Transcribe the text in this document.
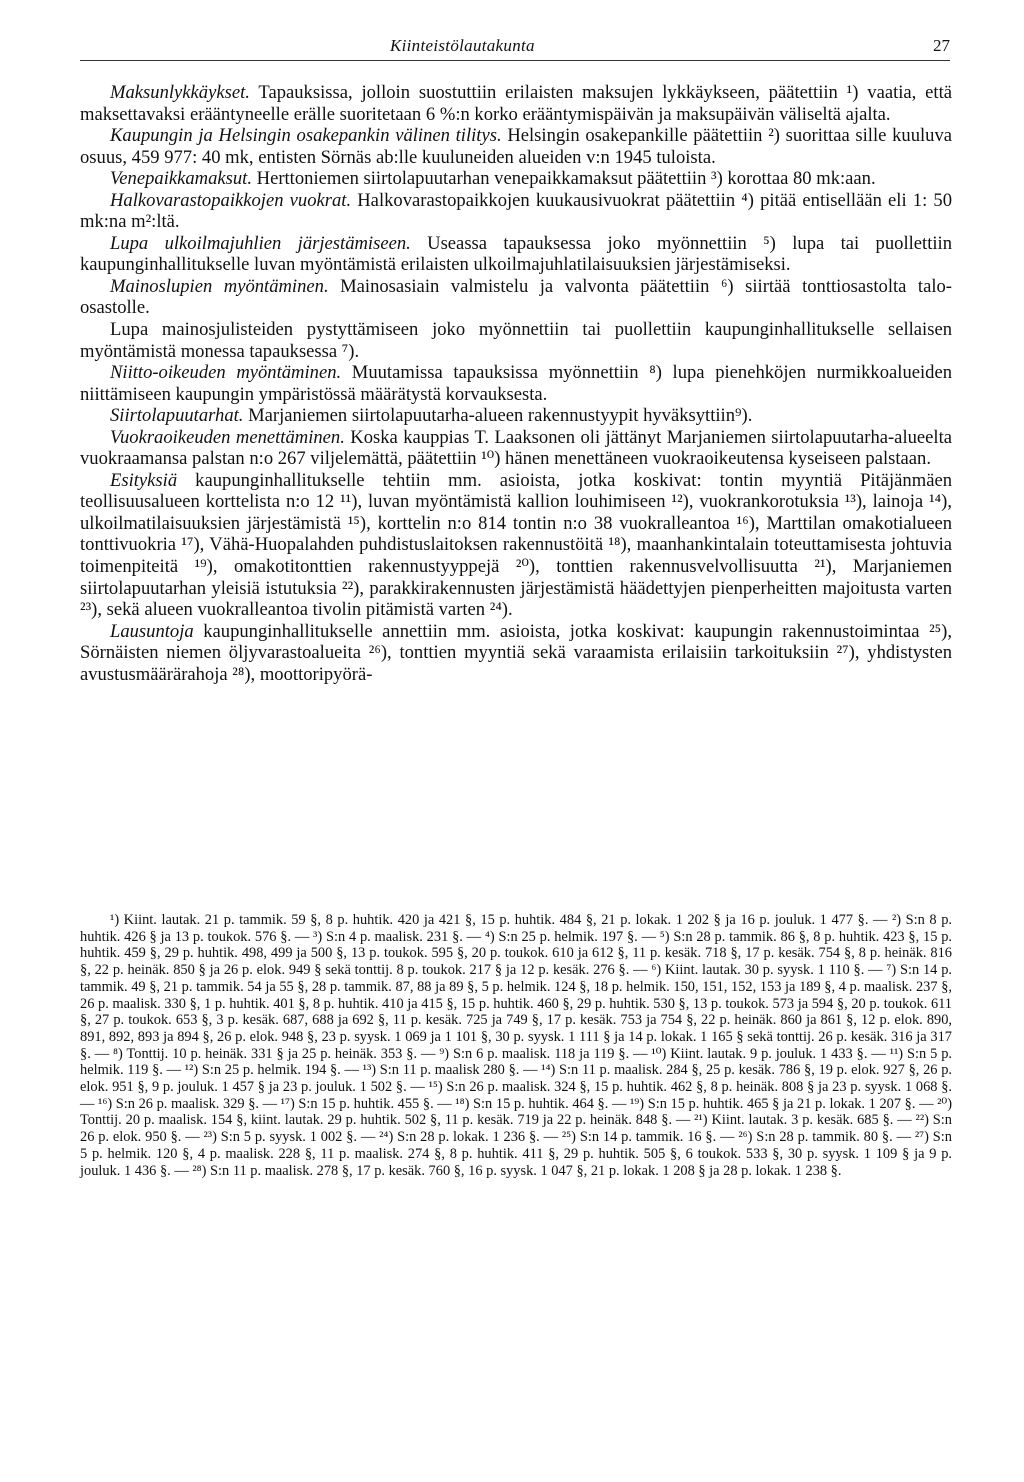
Kiinteistölautakunta	27

Maksunlykkäykset. Tapauksissa, jolloin suostuttiin erilaisten maksujen lykkäykseen, päätettiin ¹) vaatia, että maksettavaksi erääntyneelle erälle suoritetaan 6 %:n korko erääntymispäivän ja maksupäivän väliseltä ajalta.

Kaupungin ja Helsingin osakepankin välinen tilitys. Helsingin osakepankille päätettiin ²) suorittaa sille kuuluva osuus, 459 977: 40 mk, entisten Sörnäs ab:lle kuuluneiden alueiden v:n 1945 tuloista.

Venepaikkamaksut. Herttoniemen siirtolapuutarhan venepaikkamaksut päätettiin ³) korottaa 80 mk:aan.

Halkovarastopaikkojen vuokrat. Halkovarastopaikkojen kuukausivuokrat päätettiin ⁴) pitää entisellään eli 1: 50 mk:na m²:ltä.

Lupa ulkoilmajuhlien järjestämiseen. Useassa tapauksessa joko myönnettiin ⁵) lupa tai puollettiin kaupunginhallitukselle luvan myöntämistä erilaisten ulkoilmajuhlatilaisuuksien järjestämiseksi.

Mainoslupien myöntäminen. Mainosasiain valmistelu ja valvonta päätettiin ⁶) siirtää tonttiosastolta talo-osastolle.

Lupa mainosjulisteiden pystyttämiseen joko myönnettiin tai puollettiin kaupunginhallitukselle sellaisen myöntämistä monessa tapauksessa ⁷).

Niitto-oikeuden myöntäminen. Muutamissa tapauksissa myönnettiin ⁸) lupa pienehköjen nurmikkoalueiden niittämiseen kaupungin ympäristössä määrätystä korvauksesta.

Siirtolapuutarhat. Marjaniemen siirtolapuutarha-alueen rakennustyypit hyväksyttiin⁹).

Vuokraoikeuden menettäminen. Koska kauppias T. Laaksonen oli jättänyt Marjaniemen siirtolapuutarha-alueelta vuokraamansa palstan n:o 267 viljelemättä, päätettiin ¹⁰) hänen menettäneen vuokraoikeutensa kyseiseen palstaan.

Esityksiä kaupunginhallitukselle tehtiin mm. asioista, jotka koskivat: tontin myyntiä Pitäjänmäen teollisuusalueen korttelista n:o 12 ¹¹), luvan myöntämistä kallion louhimiseen ¹²), vuokrankorotuksia ¹³), lainoja ¹⁴), ulkoilmatilaisuuksien järjestämistä ¹⁵), korttelin n:o 814 tontin n:o 38 vuokralleantoa ¹⁶), Marttilan omakotialueen tonttivuokria ¹⁷), Vähä-Huopalahden puhdistuslaitoksen rakennustöitä ¹⁸), maanhankintalain toteuttamisesta johtuvia toimenpiteitä ¹⁹), omakotitonttien rakennustyyppejä ²⁰), tonttien rakennusvelvollisuutta ²¹), Marjaniemen siirtolapuutarhan yleisiä istutuksia ²²), parakkirakennusten järjestämistä häädettyjen pienperheitten majoitusta varten ²³), sekä alueen vuokralleantoa tivolin pitämistä varten ²⁴).

Lausuntoja kaupunginhallitukselle annettiin mm. asioista, jotka koskivat: kaupungin rakennustoimintaa ²⁵), Sörnäisten niemen öljyvarastoalueita ²⁶), tonttien myyntiä sekä varaamista erilaisiin tarkoituksiin ²⁷), yhdistysten avustusmäärärahoja ²⁸), moottoripyörä-

¹) Kiint. lautak. 21 p. tammik. 59 §, 8 p. huhtik. 420 ja 421 §, 15 p. huhtik. 484 §, 21 p. lokak. 1 202 § ja 16 p. jouluk. 1 477 §. — ²) S:n 8 p. huhtik. 426 § ja 13 p. toukok. 576 §. — ³) S:n 4 p. maalisk. 231 §. — ⁴) S:n 25 p. helmik. 197 §. — ⁵) S:n 28 p. tammik. 86 §, 8 p. huhtik. 423 §, 15 p. huhtik. 459 §, 29 p. huhtik. 498, 499 ja 500 §, 13 p. toukok. 595 §, 20 p. toukok. 610 ja 612 §, 11 p. kesäk. 718 §, 17 p. kesäk. 754 §, 8 p. heinäk. 816 §, 22 p. heinäk. 850 § ja 26 p. elok. 949 § sekä tonttij. 8 p. toukok. 217 § ja 12 p. kesäk. 276 §. — ⁶) Kiint. lautak. 30 p. syysk. 1 110 §. — ⁷) S:n 14 p. tammik. 49 §, 21 p. tammik. 54 ja 55 §, 28 p. tammik. 87, 88 ja 89 §, 5 p. helmik. 124 §, 18 p. helmik. 150, 151, 152, 153 ja 189 §, 4 p. maalisk. 237 §, 26 p. maalisk. 330 §, 1 p. huhtik. 401 §, 8 p. huhtik. 410 ja 415 §, 15 p. huhtik. 460 §, 29 p. huhtik. 530 §, 13 p. toukok. 573 ja 594 §, 20 p. toukok. 611 §, 27 p. toukok. 653 §, 3 p. kesäk. 687, 688 ja 692 §, 11 p. kesäk. 725 ja 749 §, 17 p. kesäk. 753 ja 754 §, 22 p. heinäk. 860 ja 861 §, 12 p. elok. 890, 891, 892, 893 ja 894 §, 26 p. elok. 948 §, 23 p. syysk. 1 069 ja 1 101 §, 30 p. syysk. 1 111 § ja 14 p. lokak. 1 165 § sekä tonttij. 26 p. kesäk. 316 ja 317 §. — ⁸) Tonttij. 10 p. heinäk. 331 § ja 25 p. heinäk. 353 §. — ⁹) S:n 6 p. maalisk. 118 ja 119 §. — ¹⁰) Kiint. lautak. 9 p. jouluk. 1 433 §. — ¹¹) S:n 5 p. helmik. 119 §. — ¹²) S:n 25 p. helmik. 194 §. — ¹³) S:n 11 p. maalisk 280 §. — ¹⁴) S:n 11 p. maalisk. 284 §, 25 p. kesäk. 786 §, 19 p. elok. 927 §, 26 p. elok. 951 §, 9 p. jouluk. 1 457 § ja 23 p. jouluk. 1 502 §. — ¹⁵) S:n 26 p. maalisk. 324 §, 15 p. huhtik. 462 §, 8 p. heinäk. 808 § ja 23 p. syysk. 1 068 §. — ¹⁶) S:n 26 p. maalisk. 329 §. — ¹⁷) S:n 15 p. huhtik. 455 §. — ¹⁸) S:n 15 p. huhtik. 464 §. — ¹⁹) S:n 15 p. huhtik. 465 § ja 21 p. lokak. 1 207 §. — ²⁰) Tonttij. 20 p. maalisk. 154 §, kiint. lautak. 29 p. huhtik. 502 §, 11 p. kesäk. 719 ja 22 p. heinäk. 848 §. — ²¹) Kiint. lautak. 3 p. kesäk. 685 §. — ²²) S:n 26 p. elok. 950 §. — ²³) S:n 5 p. syysk. 1 002 §. — ²⁴) S:n 28 p. lokak. 1 236 §. — ²⁵) S:n 14 p. tammik. 16 §. — ²⁶) S:n 28 p. tammik. 80 §. — ²⁷) S:n 5 p. helmik. 120 §, 4 p. maalisk. 228 §, 11 p. maalisk. 274 §, 8 p. huhtik. 411 §, 29 p. huhtik. 505 §, 6 toukok. 533 §, 30 p. syysk. 1 109 § ja 9 p. jouluk. 1 436 §. — ²⁸) S:n 11 p. maalisk. 278 §, 17 p. kesäk. 760 §, 16 p. syysk. 1 047 §, 21 p. lokak. 1 208 § ja 28 p. lokak. 1 238 §.
